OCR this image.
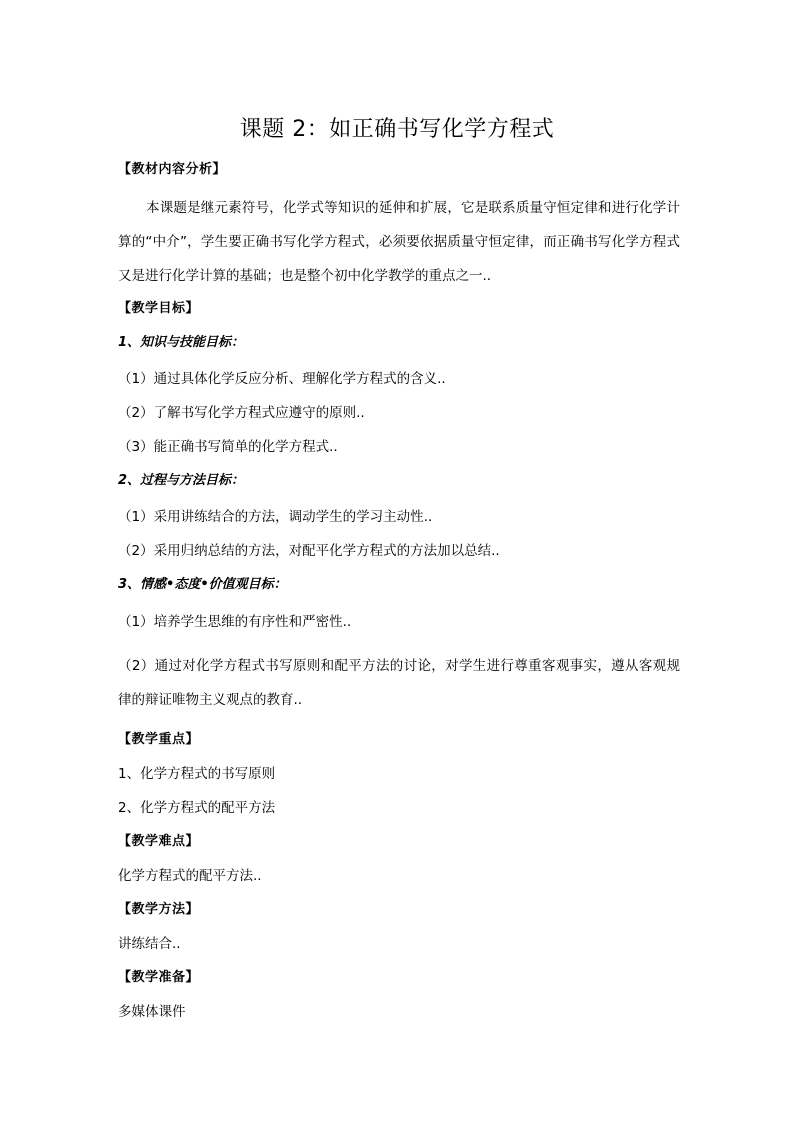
课题 2：如正确书写化学方程式
【教材内容分析】
本课题是继元素符号，化学式等知识的延伸和扩展，它是联系质量守恒定律和进行化学计算的“中介”，学生要正确书写化学方程式，必须要依据质量守恒定律，而正确书写化学方程式又是进行化学计算的基础；也是整个初中化学教学的重点之一..
【教学目标】
1、知识与技能目标：
（1）通过具体化学反应分析、理解化学方程式的含义..
（2）了解书写化学方程式应遵守的原则..
（3）能正确书写简单的化学方程式..
2、过程与方法目标：
（1）采用讲练结合的方法，调动学生的学习主动性..
（2）采用归纳总结的方法，对配平化学方程式的方法加以总结..
3、情感•态度•价值观目标：
（1）培养学生思维的有序性和严密性..
（2）通过对化学方程式书写原则和配平方法的讨论，对学生进行尊重客观事实，遵从客观规律的辩证唯物主义观点的教育..
【教学重点】
1、化学方程式的书写原则
2、化学方程式的配平方法
【教学难点】
化学方程式的配平方法..
【教学方法】
讲练结合..
【教学准备】
多媒体课件
